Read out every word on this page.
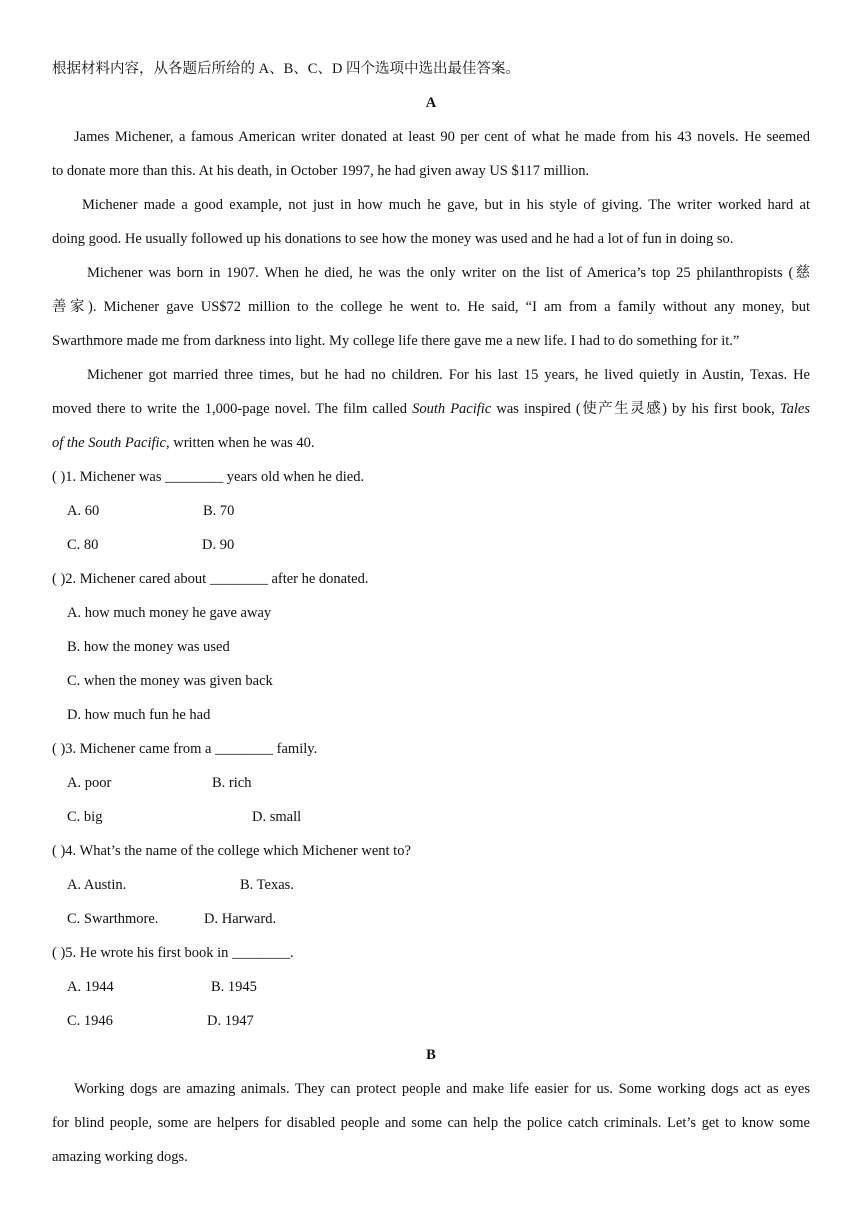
根据材料内容，从各题后所给的 A、B、C、D 四个选项中选出最佳答案。
A
James Michener, a famous American writer donated at least 90 per cent of what he made from his 43 novels. He seemed
to donate more than this. At his death, in October 1997, he had given away US $117 million.
Michener made a good example, not just in how much he gave, but in his style of giving. The writer worked hard at
doing good. He usually followed up his donations to see how the money was used and he had a lot of fun in doing so.
Michener was born in 1907. When he died, he was the only writer on the list of America’s top 25 philanthropists (慈
善家). Michener gave US$72 million to the college he went to. He said, “I am from a family without any money, but
Swarthmore made me from darkness into light. My college life there gave me a new life. I had to do something for it.”
Michener got married three times, but he had no children. For his last 15 years, he lived quietly in Austin, Texas. He
moved there to write the 1,000-page novel. The film called South Pacific was inspired (使产生灵感) by his first book, Tales
of the South Pacific, written when he was 40.
( )1. Michener was ________ years old when he died.
A. 60	B. 70
C. 80	D. 90
( )2. Michener cared about ________ after he donated.
A. how much money he gave away
B. how the money was used
C. when the money was given back
D. how much fun he had
( )3. Michener came from a ________ family.
A. poor	B. rich
C. big	D. small
( )4. What’s the name of the college which Michener went to?
A. Austin.	B. Texas.
C. Swarthmore.	D. Harward.
( )5. He wrote his first book in ________.
A. 1944	B. 1945
C. 1946	D. 1947
B
Working dogs are amazing animals. They can protect people and make life easier for us. Some working dogs act as eyes
for blind people, some are helpers for disabled people and some can help the police catch criminals. Let’s get to know some
amazing working dogs.
